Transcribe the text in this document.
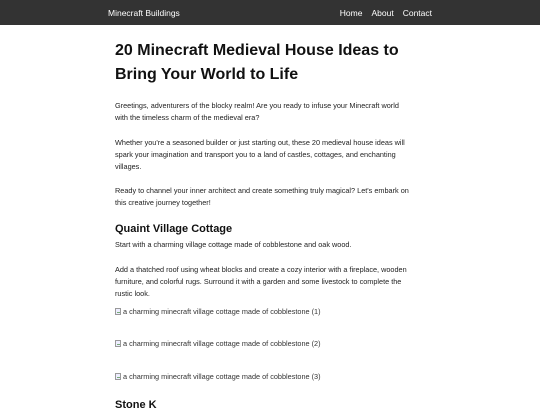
Minecraft Buildings	Home About Contact
20 Minecraft Medieval House Ideas to
Bring Your World to Life

Greetings, adventurers of the blocky realm! Are you ready to infuse your Minecraft world
with the timeless charm of the medieval era?

Whether you're a seasoned builder or just starting out, these 20 medieval house ideas will
spark your imagination and transport you to a land of castles, cottages, and enchanting
villages.

Ready to channel your inner architect and create something truly magical? Let's embark on
this creative journey together!

Quaint Village Cottage

Start with a charming village cottage made of cobblestone and oak wood.

Add a thatched roof using wheat blocks and create a cozy interior with a fireplace, wooden
furniture, and colorful rugs. Surround it with a garden and some livestock to complete the
rustic look.

a charming minecraft village cottage made of cobblestone (1)
a charming minecraft village cottage made of cobblestone (2)
a charming minecraft village cottage made of cobblestone (3)
Stone K
